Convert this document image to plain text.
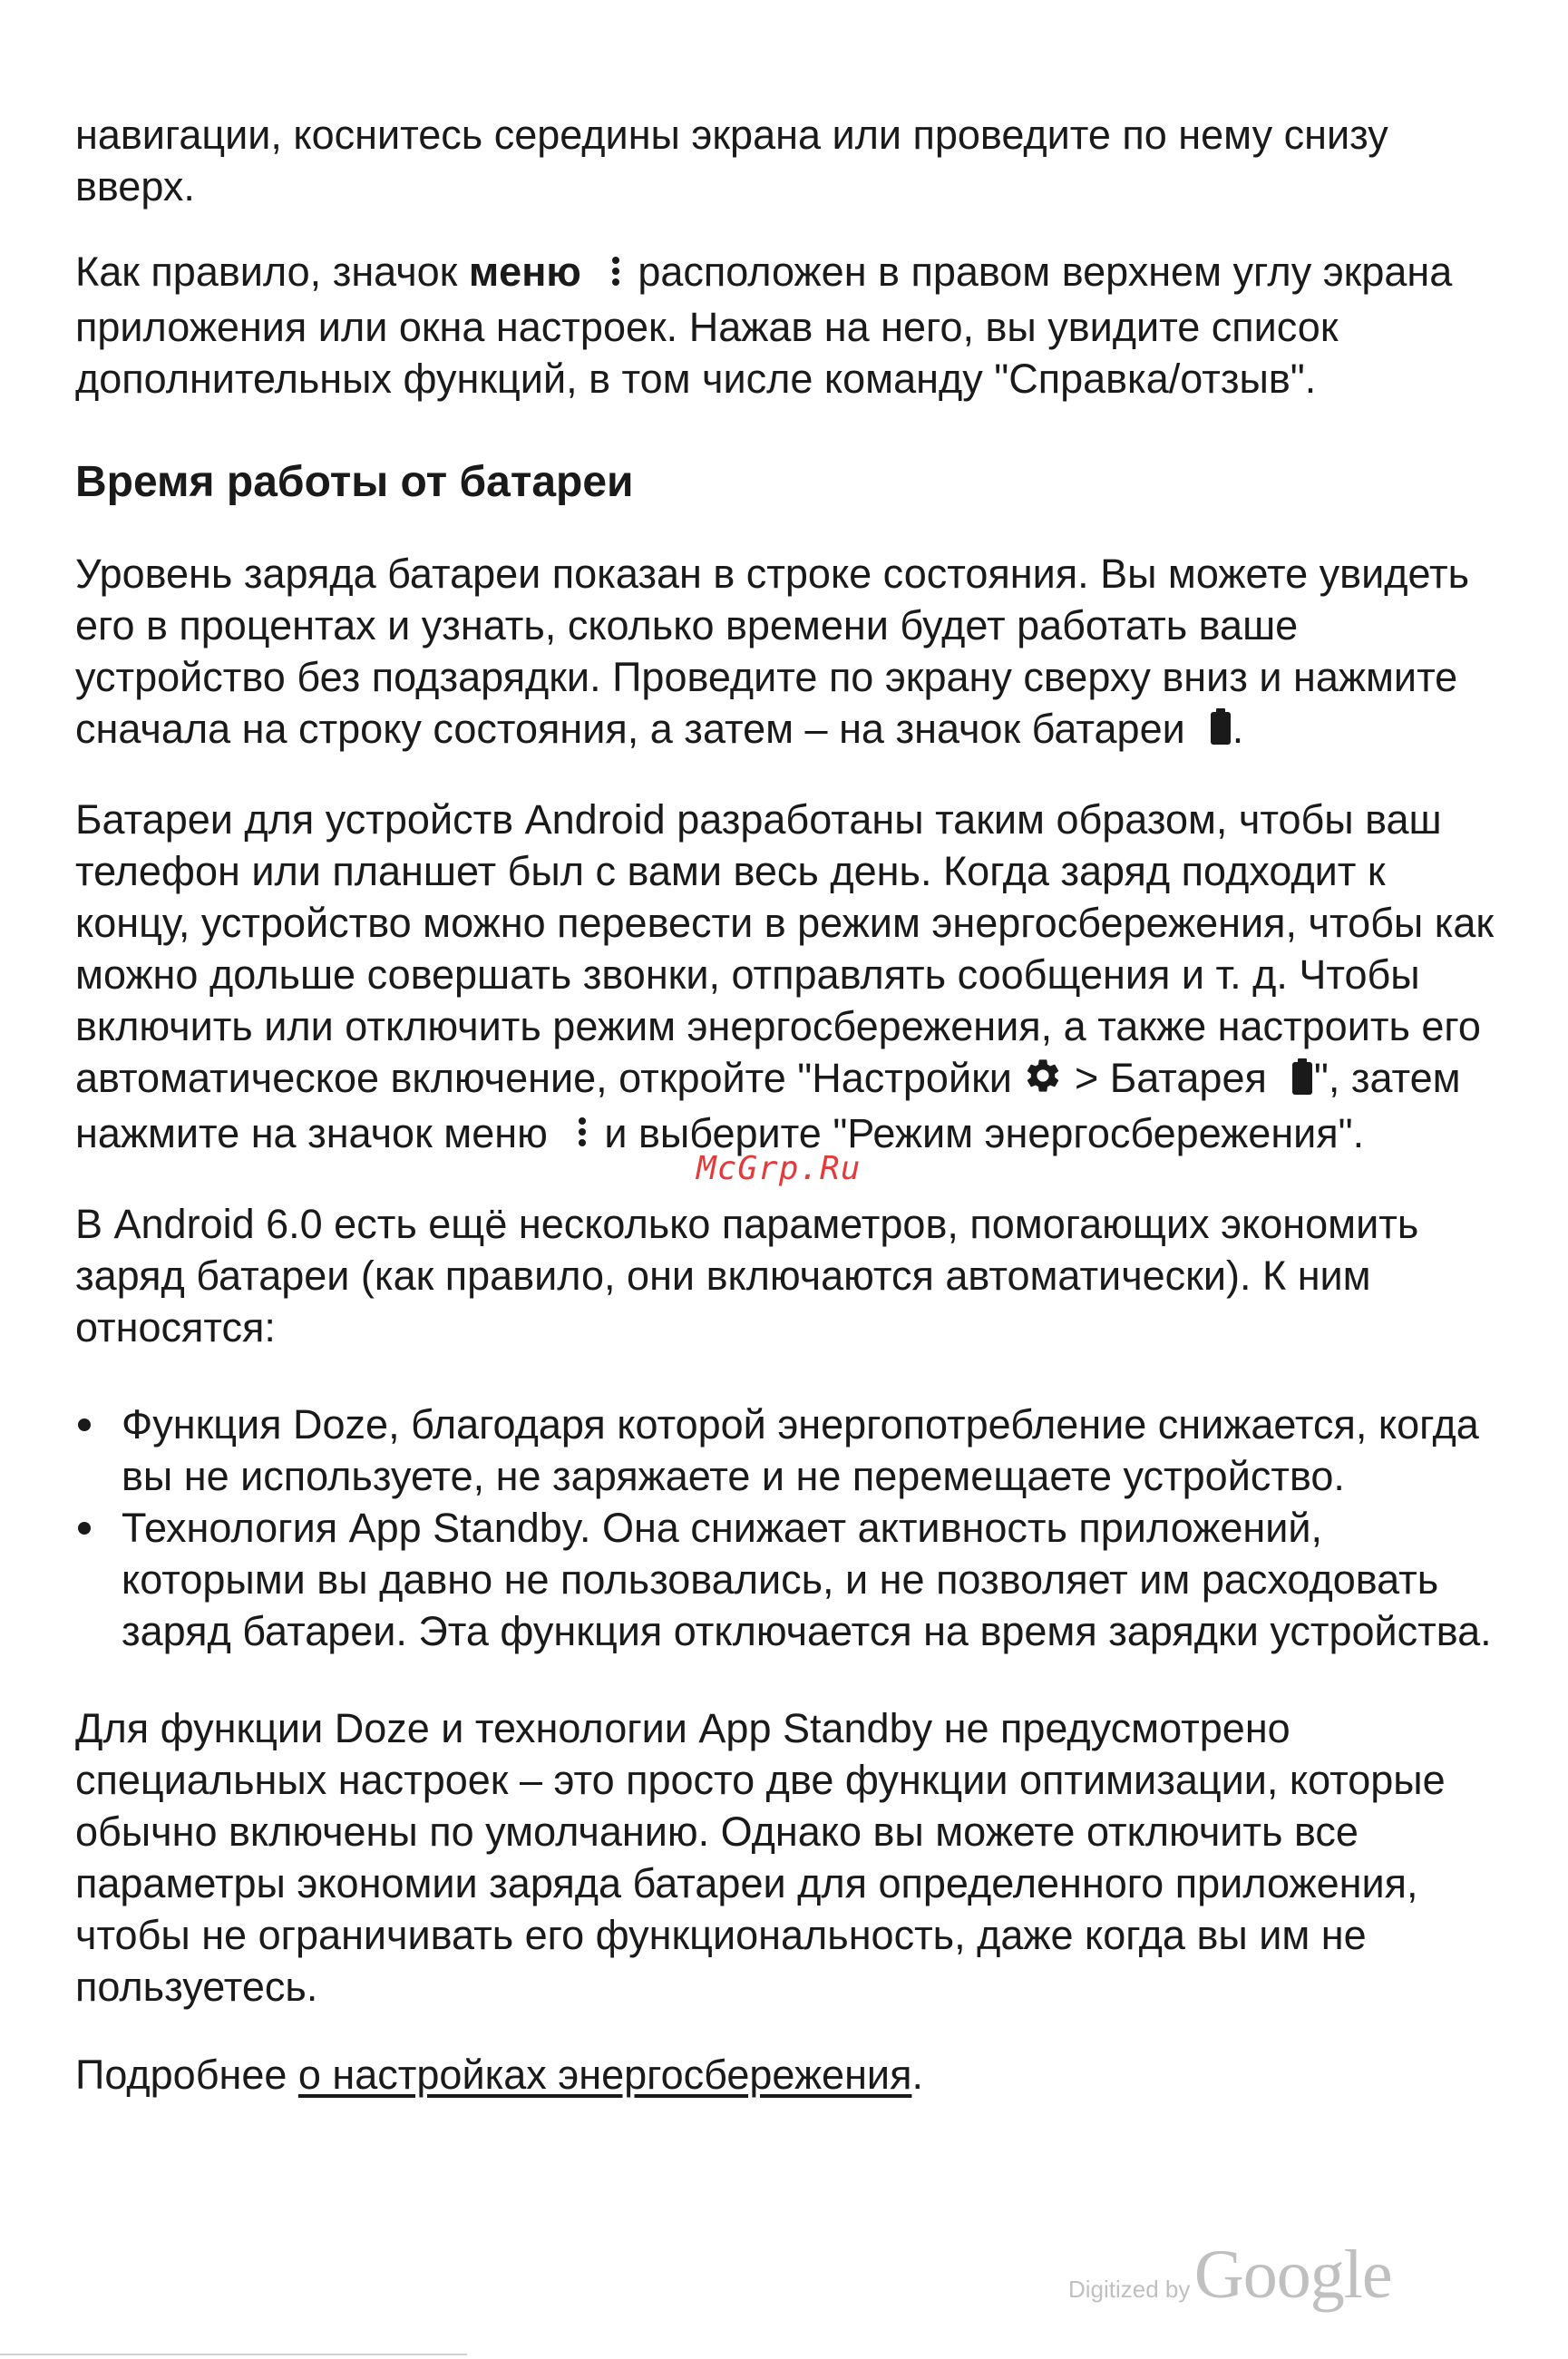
навигации, коснитесь середины экрана или проведите по нему снизу вверх.

Как правило, значок меню расположен в правом верхнем углу экрана приложения или окна настроек. Нажав на него, вы увидите список дополнительных функций, в том числе команду "Справка/отзыв".

Время работы от батареи

Уровень заряда батареи показан в строке состояния. Вы можете увидеть его в процентах и узнать, сколько времени будет работать ваше устройство без подзарядки. Проведите по экрану сверху вниз и нажмите сначала на строку состояния, а затем – на значок батареи .

Батареи для устройств Android разработаны таким образом, чтобы ваш телефон или планшет был с вами весь день. Когда заряд подходит к концу, устройство можно перевести в режим энергосбережения, чтобы как можно дольше совершать звонки, отправлять сообщения и т. д. Чтобы включить или отключить режим энергосбережения, а также настроить его автоматическое включение, откройте "Настройки  > Батарея ", затем нажмите на значок меню и выберите "Режим энергосбережения".

В Android 6.0 есть ещё несколько параметров, помогающих экономить заряд батареи (как правило, они включаются автоматически). К ним относятся:

Функция Doze, благодаря которой энергопотребление снижается, когда вы не используете, не заряжаете и не перемещаете устройство.
Технология App Standby. Она снижает активность приложений, которыми вы давно не пользовались, и не позволяет им расходовать заряд батареи. Эта функция отключается на время зарядки устройства.

Для функции Doze и технологии App Standby не предусмотрено специальных настроек – это просто две функции оптимизации, которые обычно включены по умолчанию. Однако вы можете отключить все параметры экономии заряда батареи для определенного приложения, чтобы не ограничивать его функциональность, даже когда вы им не пользуетесь.

Подробнее о настройках энергосбережения.

McGrp.Ru
Digitized by Google
